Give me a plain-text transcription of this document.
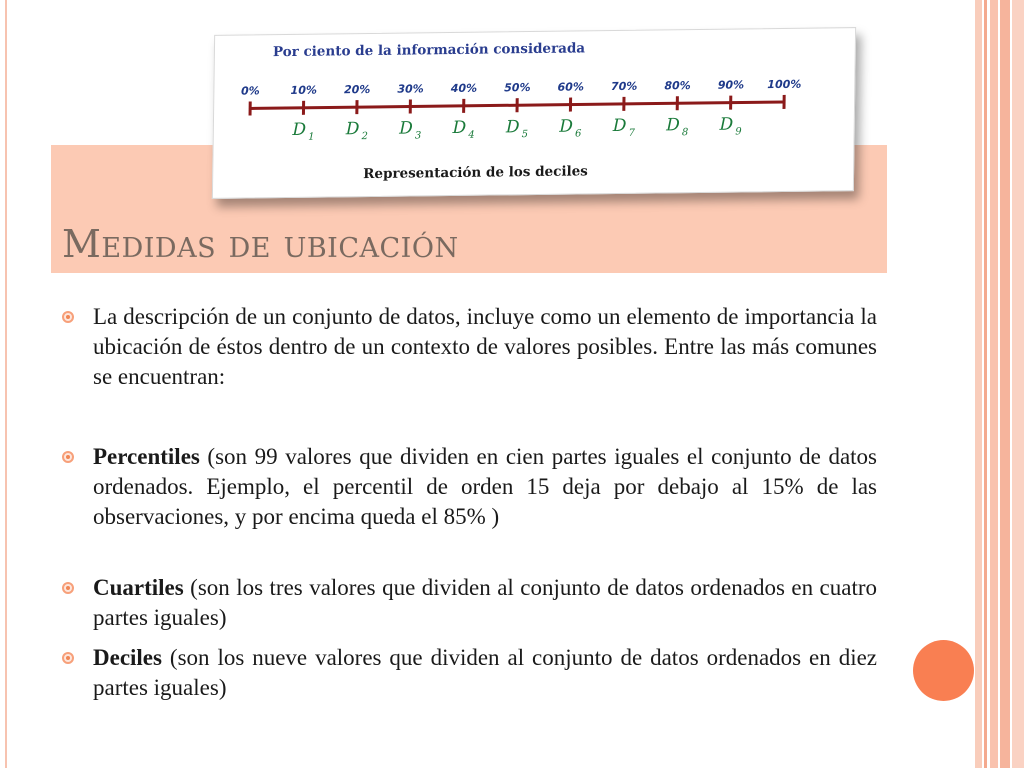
Medidas de ubicación
Por ciento de la información considerada
0%	10% 20% 30% 40% 50% 60% 70% 80% 90% 100%
D 1 D 2 D 3 D 4 D 5 D 6 D 7 D 8 D 9
Representación de los deciles
La descripción de un conjunto de datos, incluye como un elemento de importancia la ubicación de éstos dentro de un contexto de valores posibles. Entre las más comunes se encuentran:
Percentiles (son 99 valores que dividen en cien partes iguales el conjunto de datos ordenados. Ejemplo, el percentil de orden 15 deja por debajo al 15% de las observaciones, y por encima queda el 85% )
Cuartiles (son los tres valores que dividen al conjunto de datos ordenados en cuatro partes iguales)
Deciles (son los nueve valores que dividen al conjunto de datos ordenados en diez partes iguales)
